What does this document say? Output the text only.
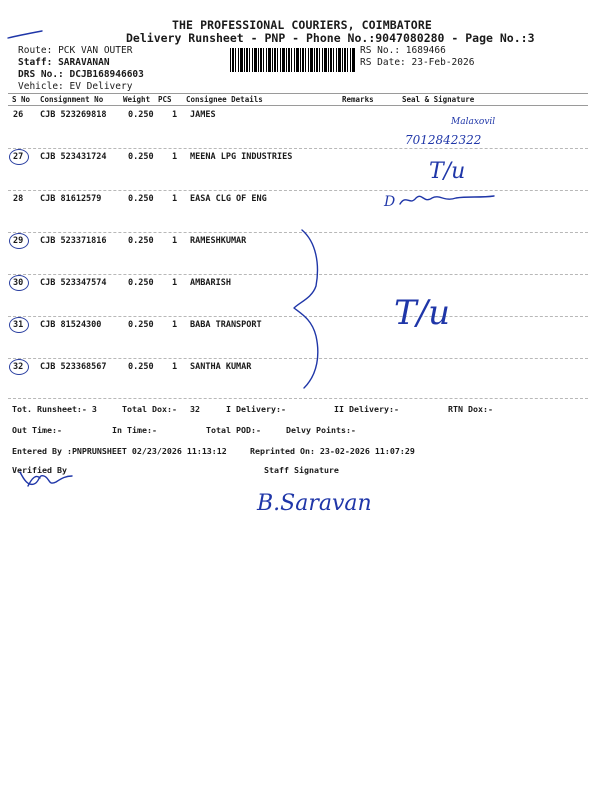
THE PROFESSIONAL COURIERS, COIMBATORE
Delivery Runsheet - PNP - Phone No.:9047080280 - Page No.:3
Route: PCK VAN OUTER
Staff: SARAVANAN
DRS No.: DCJB168946603
Vehicle: EV Delivery
RS No.: 1689466
RS Date: 23-Feb-2026
S No Consignment No	Weight PCS Consignee Details	Remarks	Seal & Signature
26 CJB 523269818	0.250 1 JAMES
27 CJB 523431724	0.250 1 MEENA LPG INDUSTRIES
28 CJB 81612579	0.250 1 EASA CLG OF ENG
29 CJB 523371816	0.250 1 RAMESHKUMAR
30 CJB 523347574	0.250 1 AMBARISH
31 CJB 81524300	0.250 1 BABA TRANSPORT
32 CJB 523368567	0.250 1 SANTHA KUMAR
Malaxovil
7012842322
T/u
D
T/u
Tot. Runsheet:- 3	Total Dox:- 32	I Delivery:-	II Delivery:-	RTN Dox:-
Out Time:-	In Time:-	Total POD:-	Delvy Points:-
Entered By :PNPRUNSHEET 02/23/2026 11:13:12	Reprinted On: 23-02-2026 11:07:29
Verified By	Staff Signature
B.Saravan
